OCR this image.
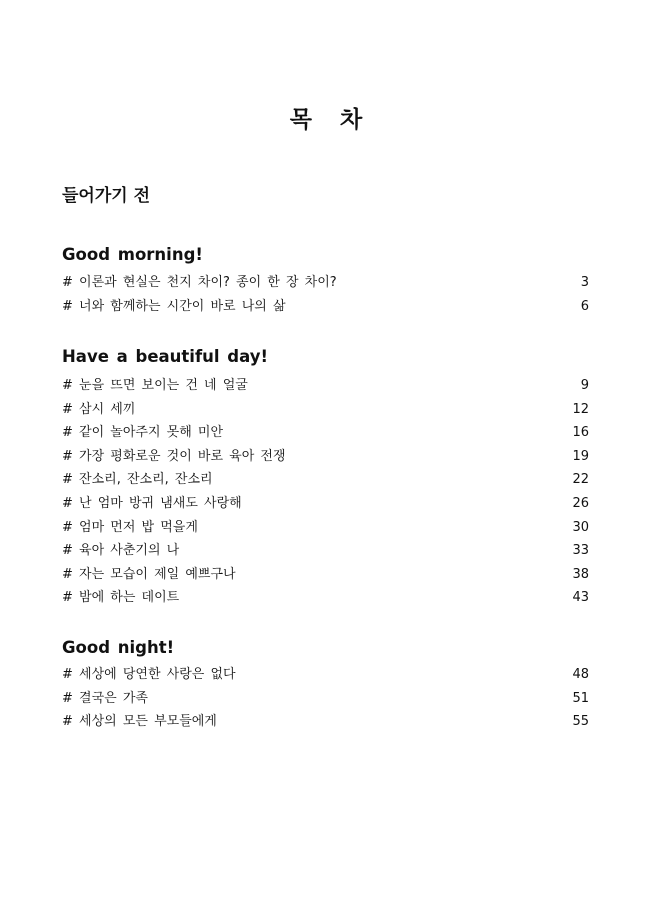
목 차
들어가기 전
Good morning!
# 이론과 현실은 천지 차이? 종이 한 장 차이?	3
# 너와 함께하는 시간이 바로 나의 삶	6
Have a beautiful day!
# 눈을 뜨면 보이는 건 네 얼굴	9
# 삼시 세끼	12
# 같이 놀아주지 못해 미안	16
# 가장 평화로운 것이 바로 육아 전쟁	19
# 잔소리, 잔소리, 잔소리	22
# 난 엄마 방귀 냄새도 사랑해	26
# 엄마 먼저 밥 먹을게	30
# 육아 사춘기의 나	33
# 자는 모습이 제일 예쁘구나	38
# 밤에 하는 데이트	43
Good night!
# 세상에 당연한 사랑은 없다	48
# 결국은 가족	51
# 세상의 모든 부모들에게	55
